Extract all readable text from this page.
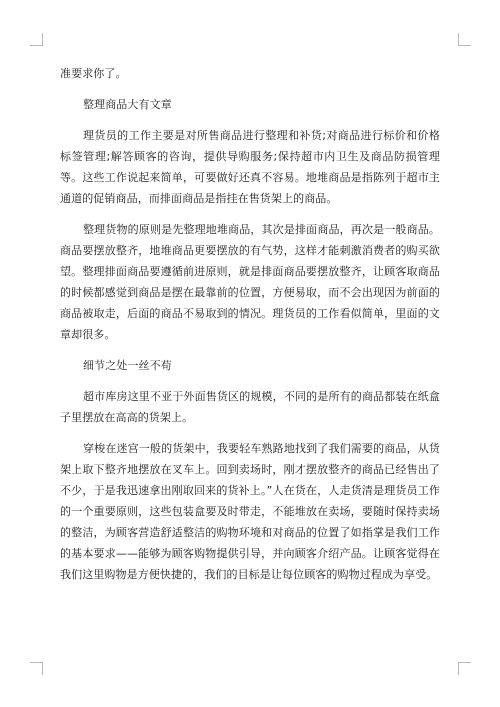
准要求你了。

整理商品大有文章

理货员的工作主要是对所售商品进行整理和补货;对商品进行标价和价格标签管理;解答顾客的咨询，提供导购服务;保持超市内卫生及商品防损管理等。这些工作说起来简单，可要做好还真不容易。地堆商品是指陈列于超市主通道的促销商品，而排面商品是指挂在售货架上的商品。

整理货物的原则是先整理地堆商品，其次是排面商品，再次是一般商品。商品要摆放整齐，地堆商品更要摆放的有气势，这样才能刺激消费者的购买欲望。整理排面商品要遵循前进原则，就是排面商品要摆放整齐，让顾客取商品的时候都感觉到商品是摆在最靠前的位置，方便易取，而不会出现因为前面的商品被取走，后面的商品不易取到的情况。理货员的工作看似简单，里面的文章却很多。

细节之处一丝不苟

超市库房这里不亚于外面售货区的规模，不同的是所有的商品都装在纸盒子里摆放在高高的货架上。

穿梭在迷宫一般的货架中，我要轻车熟路地找到了我们需要的商品，从货架上取下整齐地摆放在叉车上。回到卖场时，刚才摆放整齐的商品已经售出了不少，于是我迅速拿出刚取回来的货补上。”人在货在，人走货清是理货员工作的一个重要原则，这些包装盒要及时带走，不能堆放在卖场，要随时保持卖场的整洁，为顾客营造舒适整洁的购物环境和对商品的位置了如指掌是我们工作的基本要求——能够为顾客购物提供引导，并向顾客介绍产品。让顾客觉得在我们这里购物是方便快捷的，我们的目标是让每位顾客的购物过程成为享受。
